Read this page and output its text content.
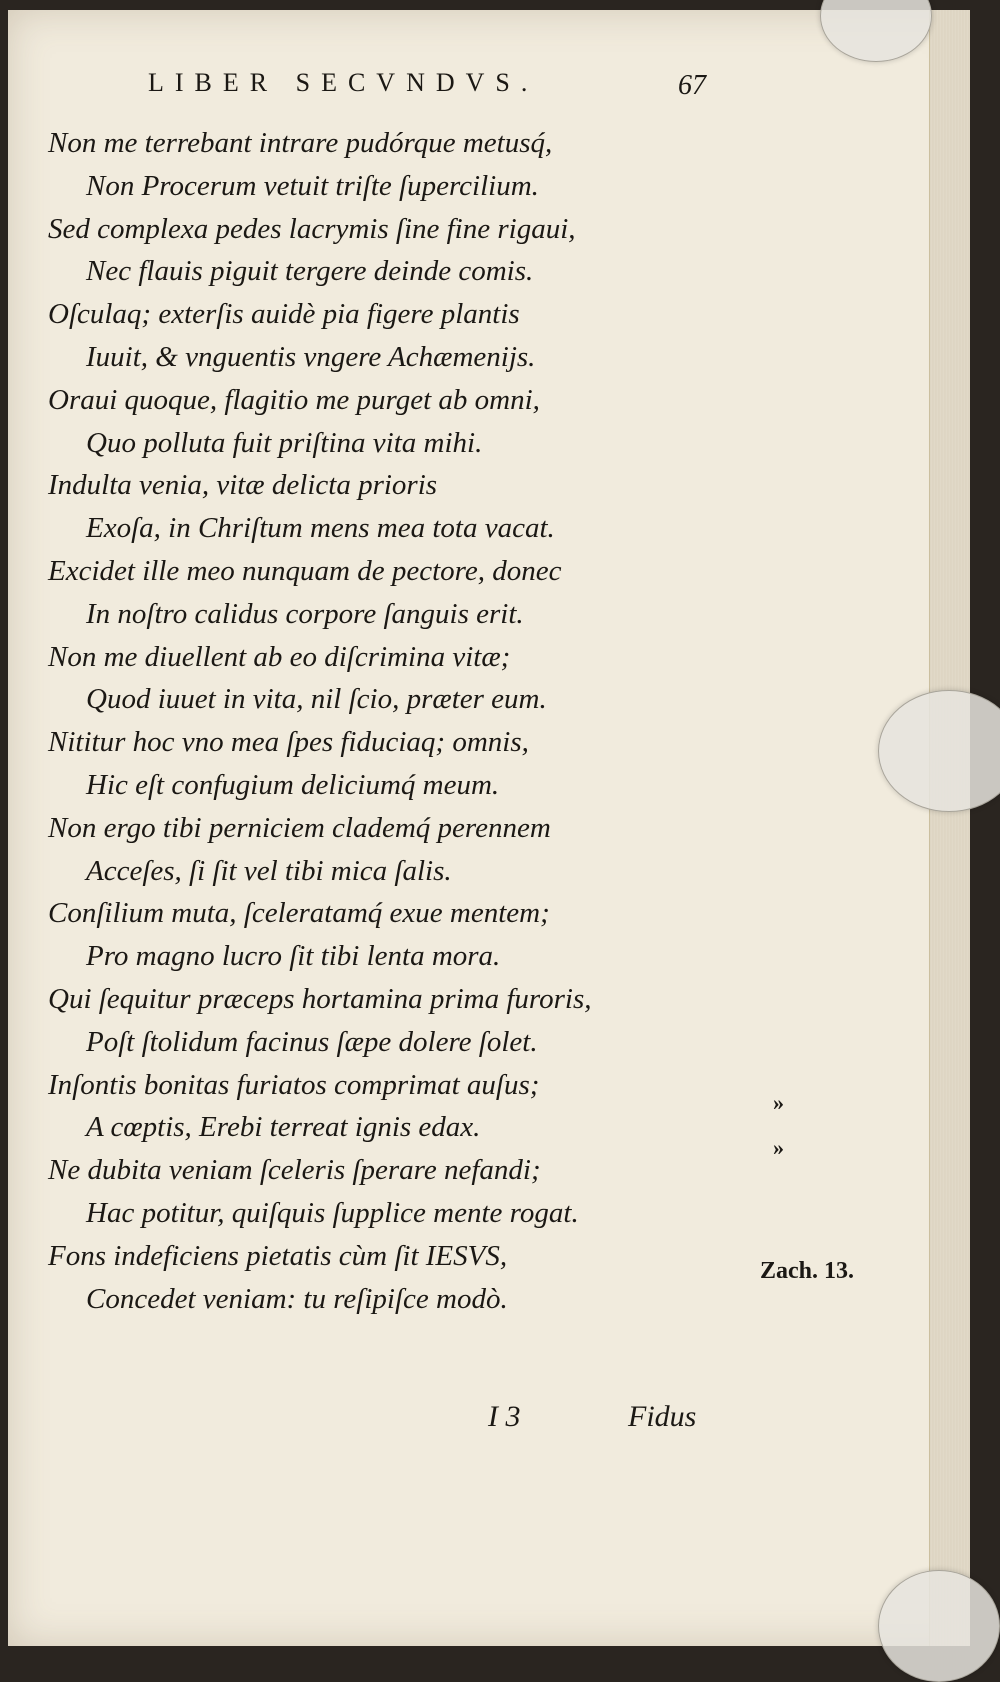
LIBER SECVNDVS.	67
Non me terrebant intrare pudórque metusq́,
Non Procerum vetuit triſte ſupercilium.
Sed complexa pedes lacrymis ſine fine rigaui,
Nec flauis piguit tergere deinde comis.
Oſculaq; exterſis auidè pia figere plantis
Iuuit, & vnguentis vngere Achæmenijs.
Oraui quoque, flagitio me purget ab omni,
Quo polluta fuit priſtina vita mihi.
Indulta venia, vitæ delicta prioris
Exoſa, in Chriſtum mens mea tota vacat.
Excidet ille meo nunquam de pectore, donec
In noſtro calidus corpore ſanguis erit.
Non me diuellent ab eo diſcrimina vitæ;
Quod iuuet in vita, nil ſcio, præter eum.
Nititur hoc vno mea ſpes fiduciaq; omnis,
Hic eſt confugium deliciumq́ meum.
Non ergo tibi perniciem clademq́ perennem
Acceſes, ſi ſit vel tibi mica ſalis.
Conſilium muta, ſceleratamq́ exue mentem;
Pro magno lucro ſit tibi lenta mora.
Qui ſequitur præceps hortamina prima furoris,
Poſt ſtolidum facinus ſæpe dolere ſolet.
Inſontis bonitas furiatos comprimat auſus;
A cœptis, Erebi terreat ignis edax.
Ne dubita veniam ſceleris ſperare nefandi;
Hac potitur, quiſquis ſupplice mente rogat.
Fons indeficiens pietatis cùm ſit IESVS,
Concedet veniam: tu reſipiſce modò.
»
»
Zach. 13.
I 3	Fidus
